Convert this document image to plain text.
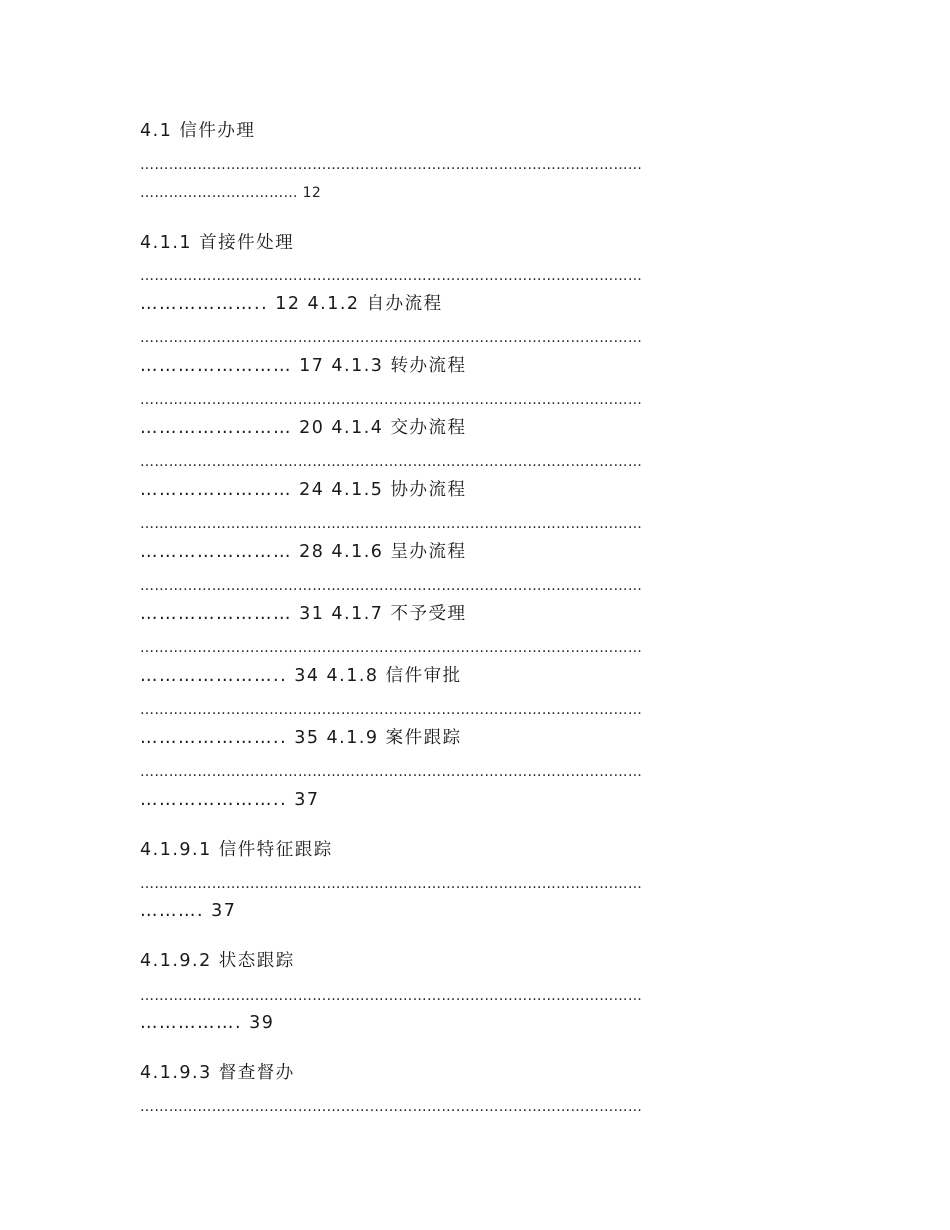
4.1 信件办理
……………………………………………………………………………………………
…………………………… 12
4.1.1 首接件处理
……………………………………………………………………………………………
……………….. 12 4.1.2 自办流程
……………………………………………………………………………………………
…………………… 17 4.1.3 转办流程
……………………………………………………………………………………………
…………………… 20 4.1.4 交办流程
……………………………………………………………………………………………
…………………… 24 4.1.5 协办流程
……………………………………………………………………………………………
…………………… 28 4.1.6 呈办流程
……………………………………………………………………………………………
…………………… 31 4.1.7 不予受理
……………………………………………………………………………………………
………………….. 34 4.1.8 信件审批
……………………………………………………………………………………………
………………….. 35 4.1.9 案件跟踪
……………………………………………………………………………………………
………………….. 37
4.1.9.1 信件特征跟踪
……………………………………………………………………………………………
………. 37
4.1.9.2 状态跟踪
……………………………………………………………………………………………
……………. 39
4.1.9.3 督查督办
……………………………………………………………………………………………
